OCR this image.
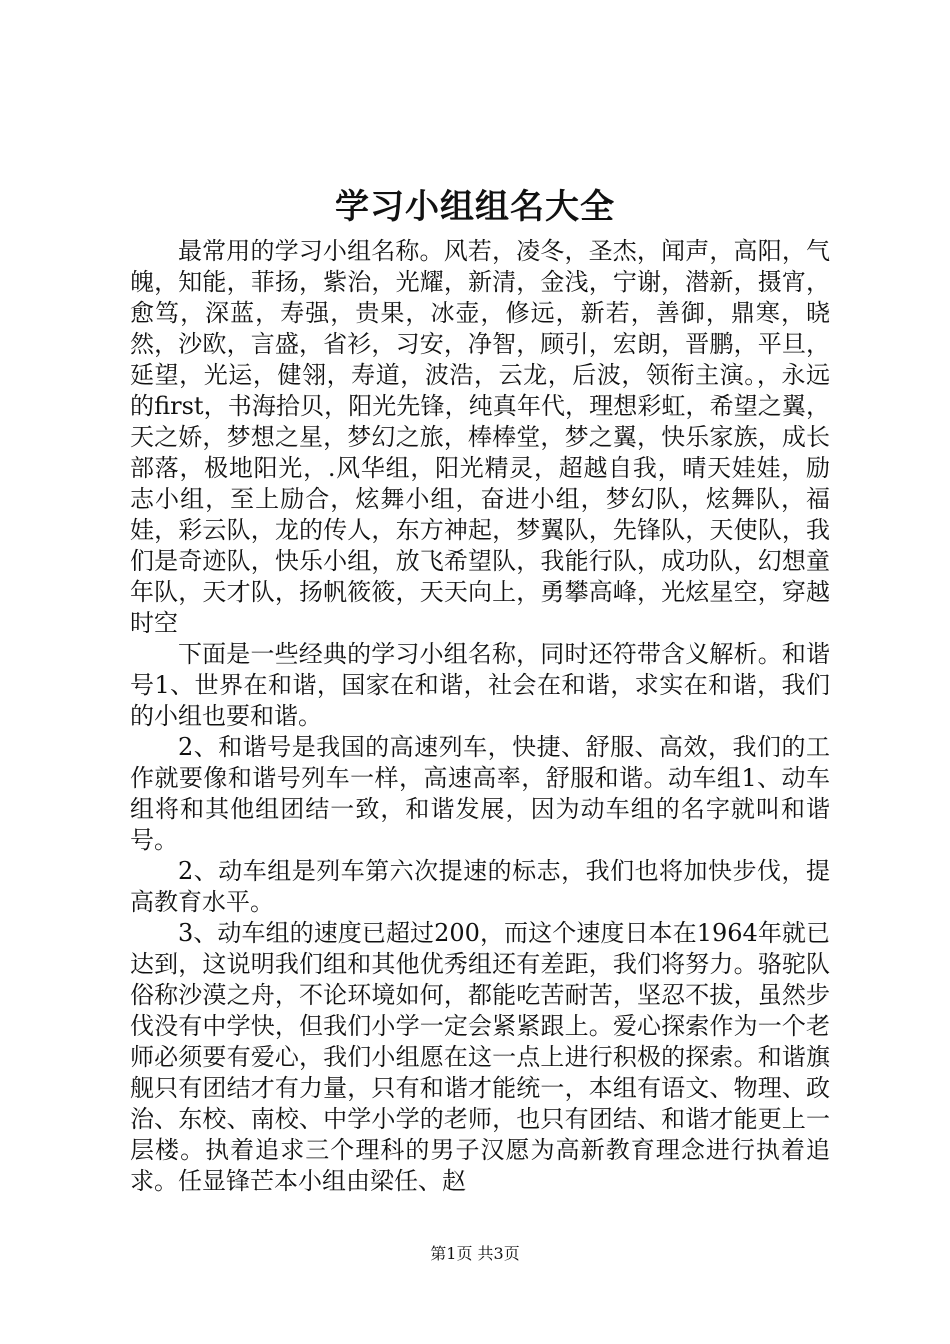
学习小组组名大全

最常用的学习小组名称。风若，凌冬，圣杰，闻声，高阳，气魄，知能，菲扬，紫治，光耀，新清，金浅，宁谢，潜新，摄宵，愈笃，深蓝，寿强，贵果，冰壶，修远，新若，善御，鼎寒，晓然，沙欧，言盛，省衫，习安，净智，顾引，宏朗，晋鹏，平旦，延望，光运，健翎，寿道，波浩，云龙，后波，领衔主演。，永远的first，书海拾贝，阳光先锋，纯真年代，理想彩虹，希望之翼，天之娇，梦想之星，梦幻之旅，棒棒堂，梦之翼，快乐家族，成长部落，极地阳光，.风华组，阳光精灵，超越自我，晴天娃娃，励志小组，至上励合，炫舞小组，奋进小组，梦幻队，炫舞队，福娃，彩云队，龙的传人，东方神起，梦翼队，先锋队，天使队，我们是奇迹队，快乐小组，放飞希望队，我能行队，成功队，幻想童年队，天才队，扬帆筱筱，天天向上，勇攀高峰，光炫星空，穿越时空

下面是一些经典的学习小组名称，同时还符带含义解析。和谐号1、世界在和谐，国家在和谐，社会在和谐，求实在和谐，我们的小组也要和谐。

2、和谐号是我国的高速列车，快捷、舒服、高效，我们的工作就要像和谐号列车一样，高速高率，舒服和谐。动车组1、动车组将和其他组团结一致，和谐发展，因为动车组的名字就叫和谐号。

2、动车组是列车第六次提速的标志，我们也将加快步伐，提高教育水平。

3、动车组的速度已超过200，而这个速度日本在1964年就已达到，这说明我们组和其他优秀组还有差距，我们将努力。骆驼队俗称沙漠之舟，不论环境如何，都能吃苦耐苦，坚忍不拔，虽然步伐没有中学快，但我们小学一定会紧紧跟上。爱心探索作为一个老师必须要有爱心，我们小组愿在这一点上进行积极的探索。和谐旗舰只有团结才有力量，只有和谐才能统一，本组有语文、物理、政治、东校、南校、中学小学的老师，也只有团结、和谐才能更上一层楼。执着追求三个理科的男子汉愿为高新教育理念进行执着追求。任显锋芒本小组由梁任、赵

第1页 共3页
